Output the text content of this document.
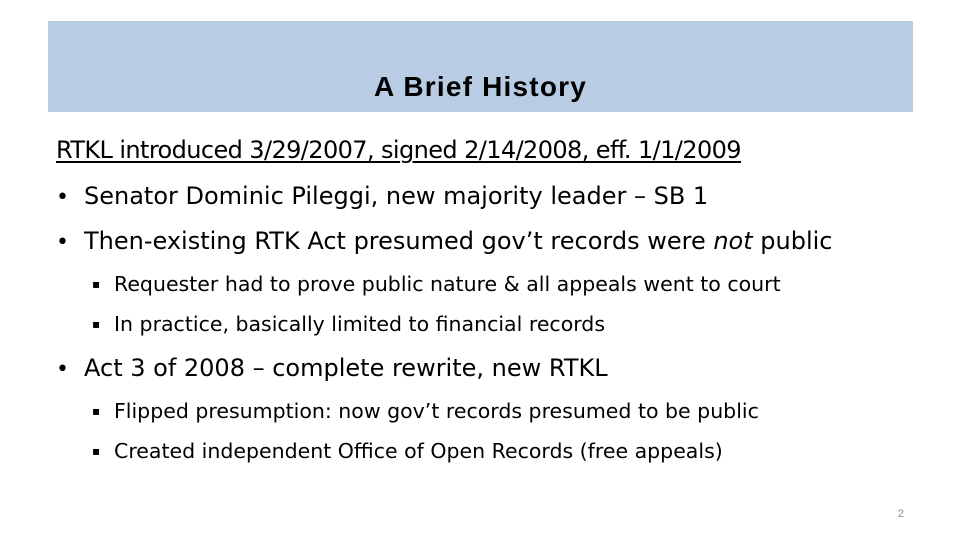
A Brief History
RTKL introduced 3/29/2007, signed 2/14/2008, eff. 1/1/2009
• Senator Dominic Pileggi, new majority leader – SB 1
• Then-existing RTK Act presumed gov’t records were not public
▪ Requester had to prove public nature & all appeals went to court
▪ In practice, basically limited to financial records
• Act 3 of 2008 – complete rewrite, new RTKL
▪ Flipped presumption: now gov’t records presumed to be public
▪ Created independent Office of Open Records (free appeals)
2
